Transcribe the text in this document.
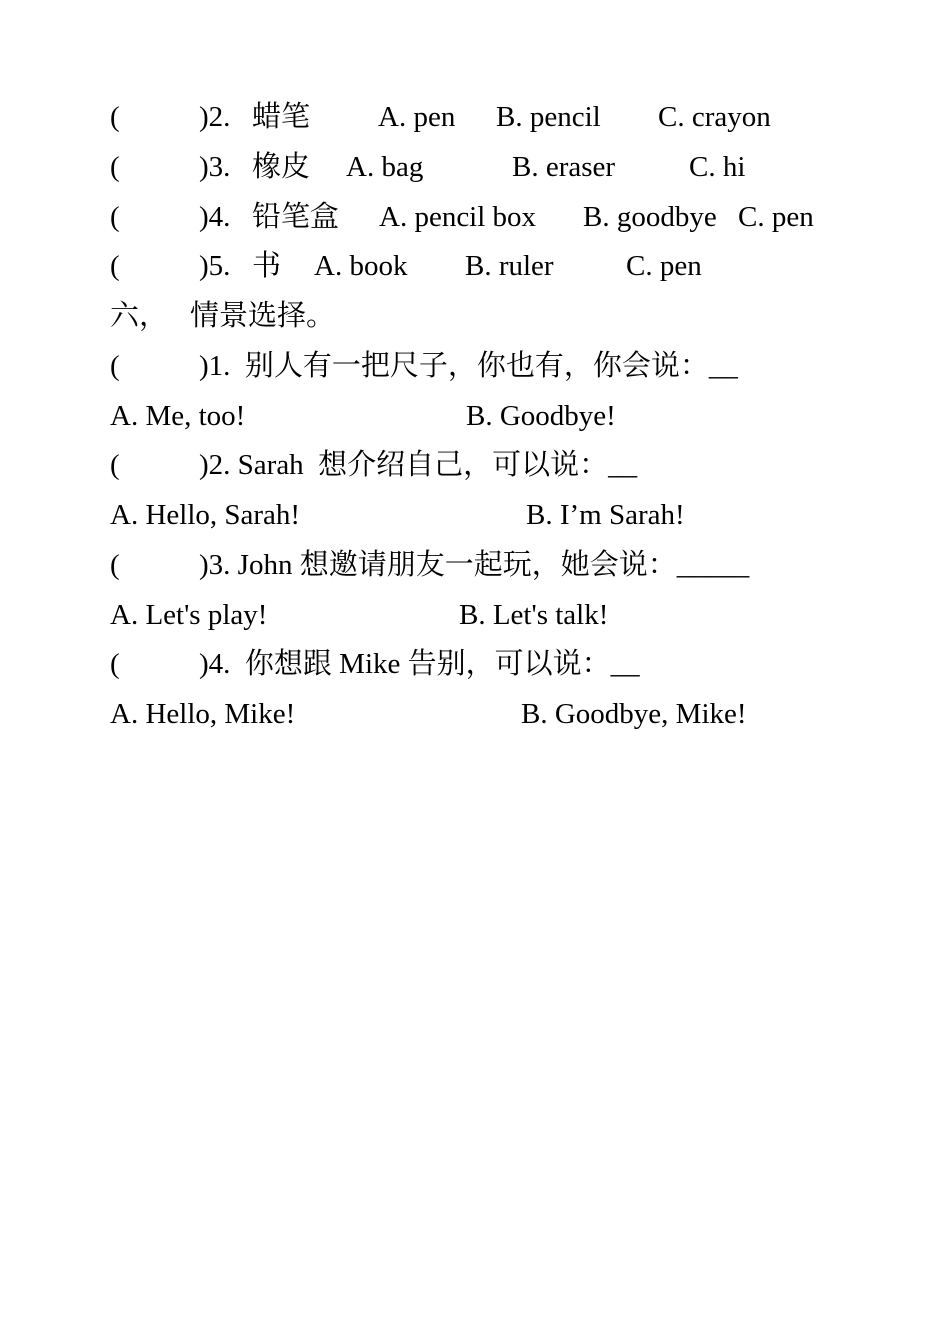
(	)2. 蜡笔 A. pen B. pencil C. crayon
(	)3. 橡皮 A. bag	B. eraser	C. hi
(	)4. 铅笔盒 A. pencil box B. goodbye C. pen
(	)5. 书 A. book B. ruler C. pen
六， 情景选择。
(	)1.  别人有一把尺子，你也有，你会说：__
A. Me, too!	B. Goodbye!
(	)2. Sarah  想介绍自己，可以说：__
A. Hello, Sarah!	B. I’m Sarah!
(	)3. John 想邀请朋友一起玩，她会说：_____
A. Let's play!	B. Let's talk!
(	)4.  你想跟 Mike 告别，可以说：__
A. Hello, Mike!	B. Goodbye, Mike!
